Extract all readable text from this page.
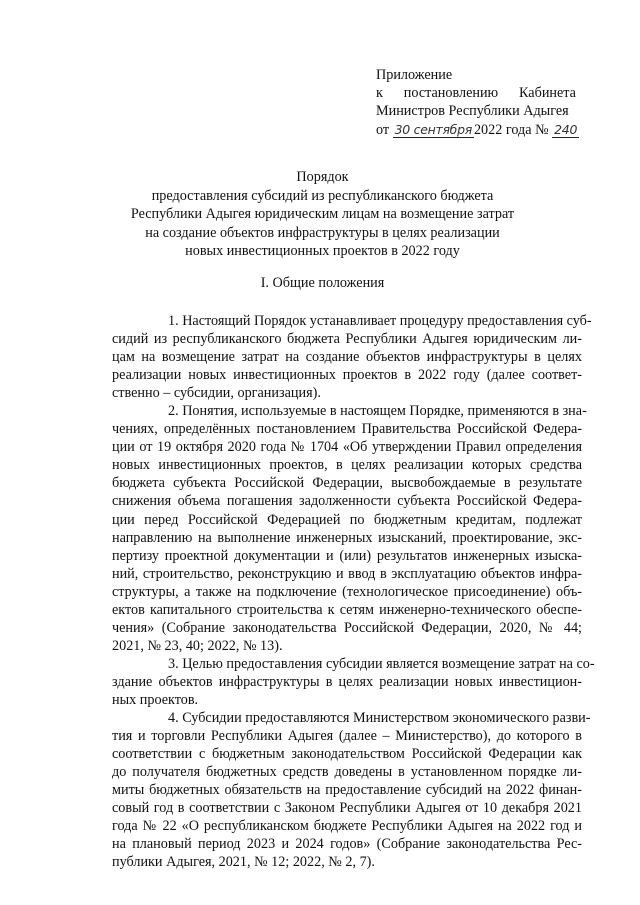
Приложение
к постановлению Кабинета
Министров Республики Адыгея
от 30 сентября 2022 года № 240
Порядок
предоставления субсидий из республиканского бюджета
Республики Адыгея юридическим лицам на возмещение затрат
на создание объектов инфраструктуры в целях реализации
новых инвестиционных проектов в 2022 году
I. Общие положения
1. Настоящий Порядок устанавливает процедуру предоставления суб-
сидий из республиканского бюджета Республики Адыгея юридическим ли-
цам на возмещение затрат на создание объектов инфраструктуры в целях
реализации новых инвестиционных проектов в 2022 году (далее соответ-
ственно – субсидии, организация).
2. Понятия, используемые в настоящем Порядке, применяются в зна-
чениях, определённых постановлением Правительства Российской Федера-
ции от 19 октября 2020 года № 1704 «Об утверждении Правил определения
новых инвестиционных проектов, в целях реализации которых средства
бюджета субъекта Российской Федерации, высвобождаемые в результате
снижения объема погашения задолженности субъекта Российской Федера-
ции перед Российской Федерацией по бюджетным кредитам, подлежат
направлению на выполнение инженерных изысканий, проектирование, экс-
пертизу проектной документации и (или) результатов инженерных изыска-
ний, строительство, реконструкцию и ввод в эксплуатацию объектов инфра-
структуры, а также на подключение (технологическое присоединение) объ-
ектов капитального строительства к сетям инженерно-технического обеспе-
чения» (Собрание законодательства Российской Федерации, 2020, № 44;
2021, № 23, 40; 2022, № 13).
3. Целью предоставления субсидии является возмещение затрат на со-
здание объектов инфраструктуры в целях реализации новых инвестицион-
ных проектов.
4. Субсидии предоставляются Министерством экономического разви-
тия и торговли Республики Адыгея (далее – Министерство), до которого в
соответствии с бюджетным законодательством Российской Федерации как
до получателя бюджетных средств доведены в установленном порядке ли-
миты бюджетных обязательств на предоставление субсидий на 2022 финан-
совый год в соответствии с Законом Республики Адыгея от 10 декабря 2021
года № 22 «О республиканском бюджете Республики Адыгея на 2022 год и
на плановый период 2023 и 2024 годов» (Собрание законодательства Рес-
публики Адыгея, 2021, № 12; 2022, № 2, 7).
